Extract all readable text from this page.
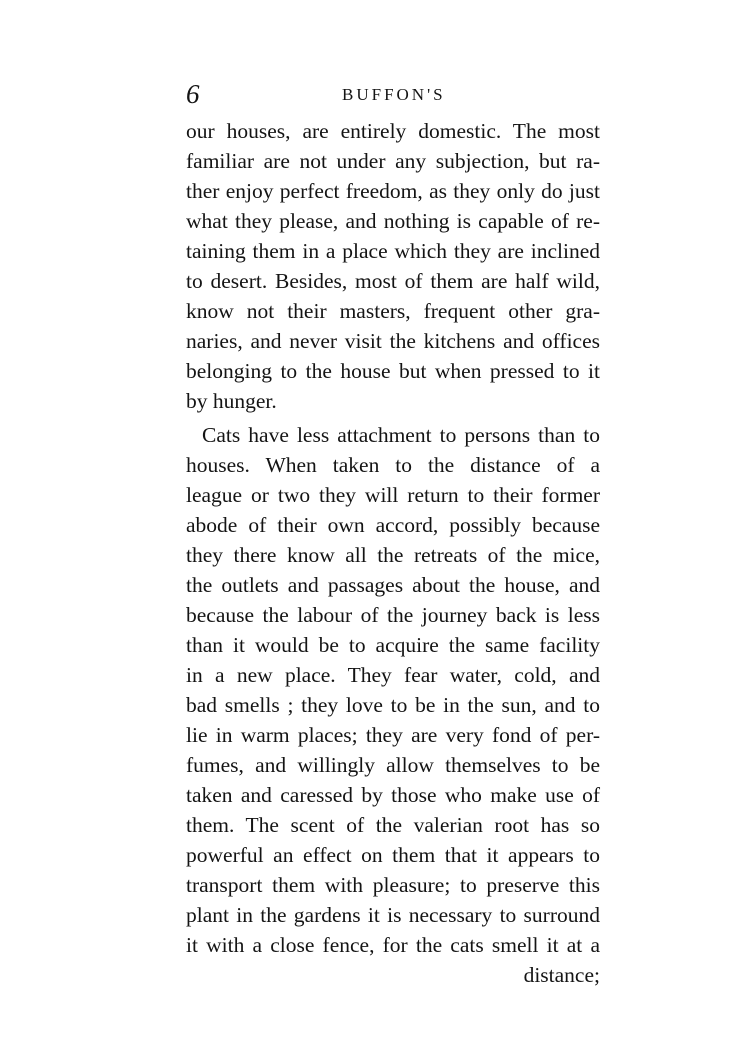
6	BUFFON'S
our houses, are entirely domestic. The most
familiar are not under any subjection, but ra-
ther enjoy perfect freedom, as they only do just
what they please, and nothing is capable of re-
taining them in a place which they are inclined
to desert. Besides, most of them are half wild,
know not their masters, frequent other gra-
naries, and never visit the kitchens and offices
belonging to the house but when pressed to it
by hunger.
Cats have less attachment to persons than to
houses. When taken to the distance of a
league or two they will return to their former
abode of their own accord, possibly because
they there know all the retreats of the mice,
the outlets and passages about the house, and
because the labour of the journey back is less
than it would be to acquire the same facility
in a new place. They fear water, cold, and
bad smells ; they love to be in the sun, and to
lie in warm places; they are very fond of per-
fumes, and willingly allow themselves to be
taken and caressed by those who make use of
them. The scent of the valerian root has so
powerful an effect on them that it appears to
transport them with pleasure; to preserve this
plant in the gardens it is necessary to surround
it with a close fence, for the cats smell it at a
distance;
